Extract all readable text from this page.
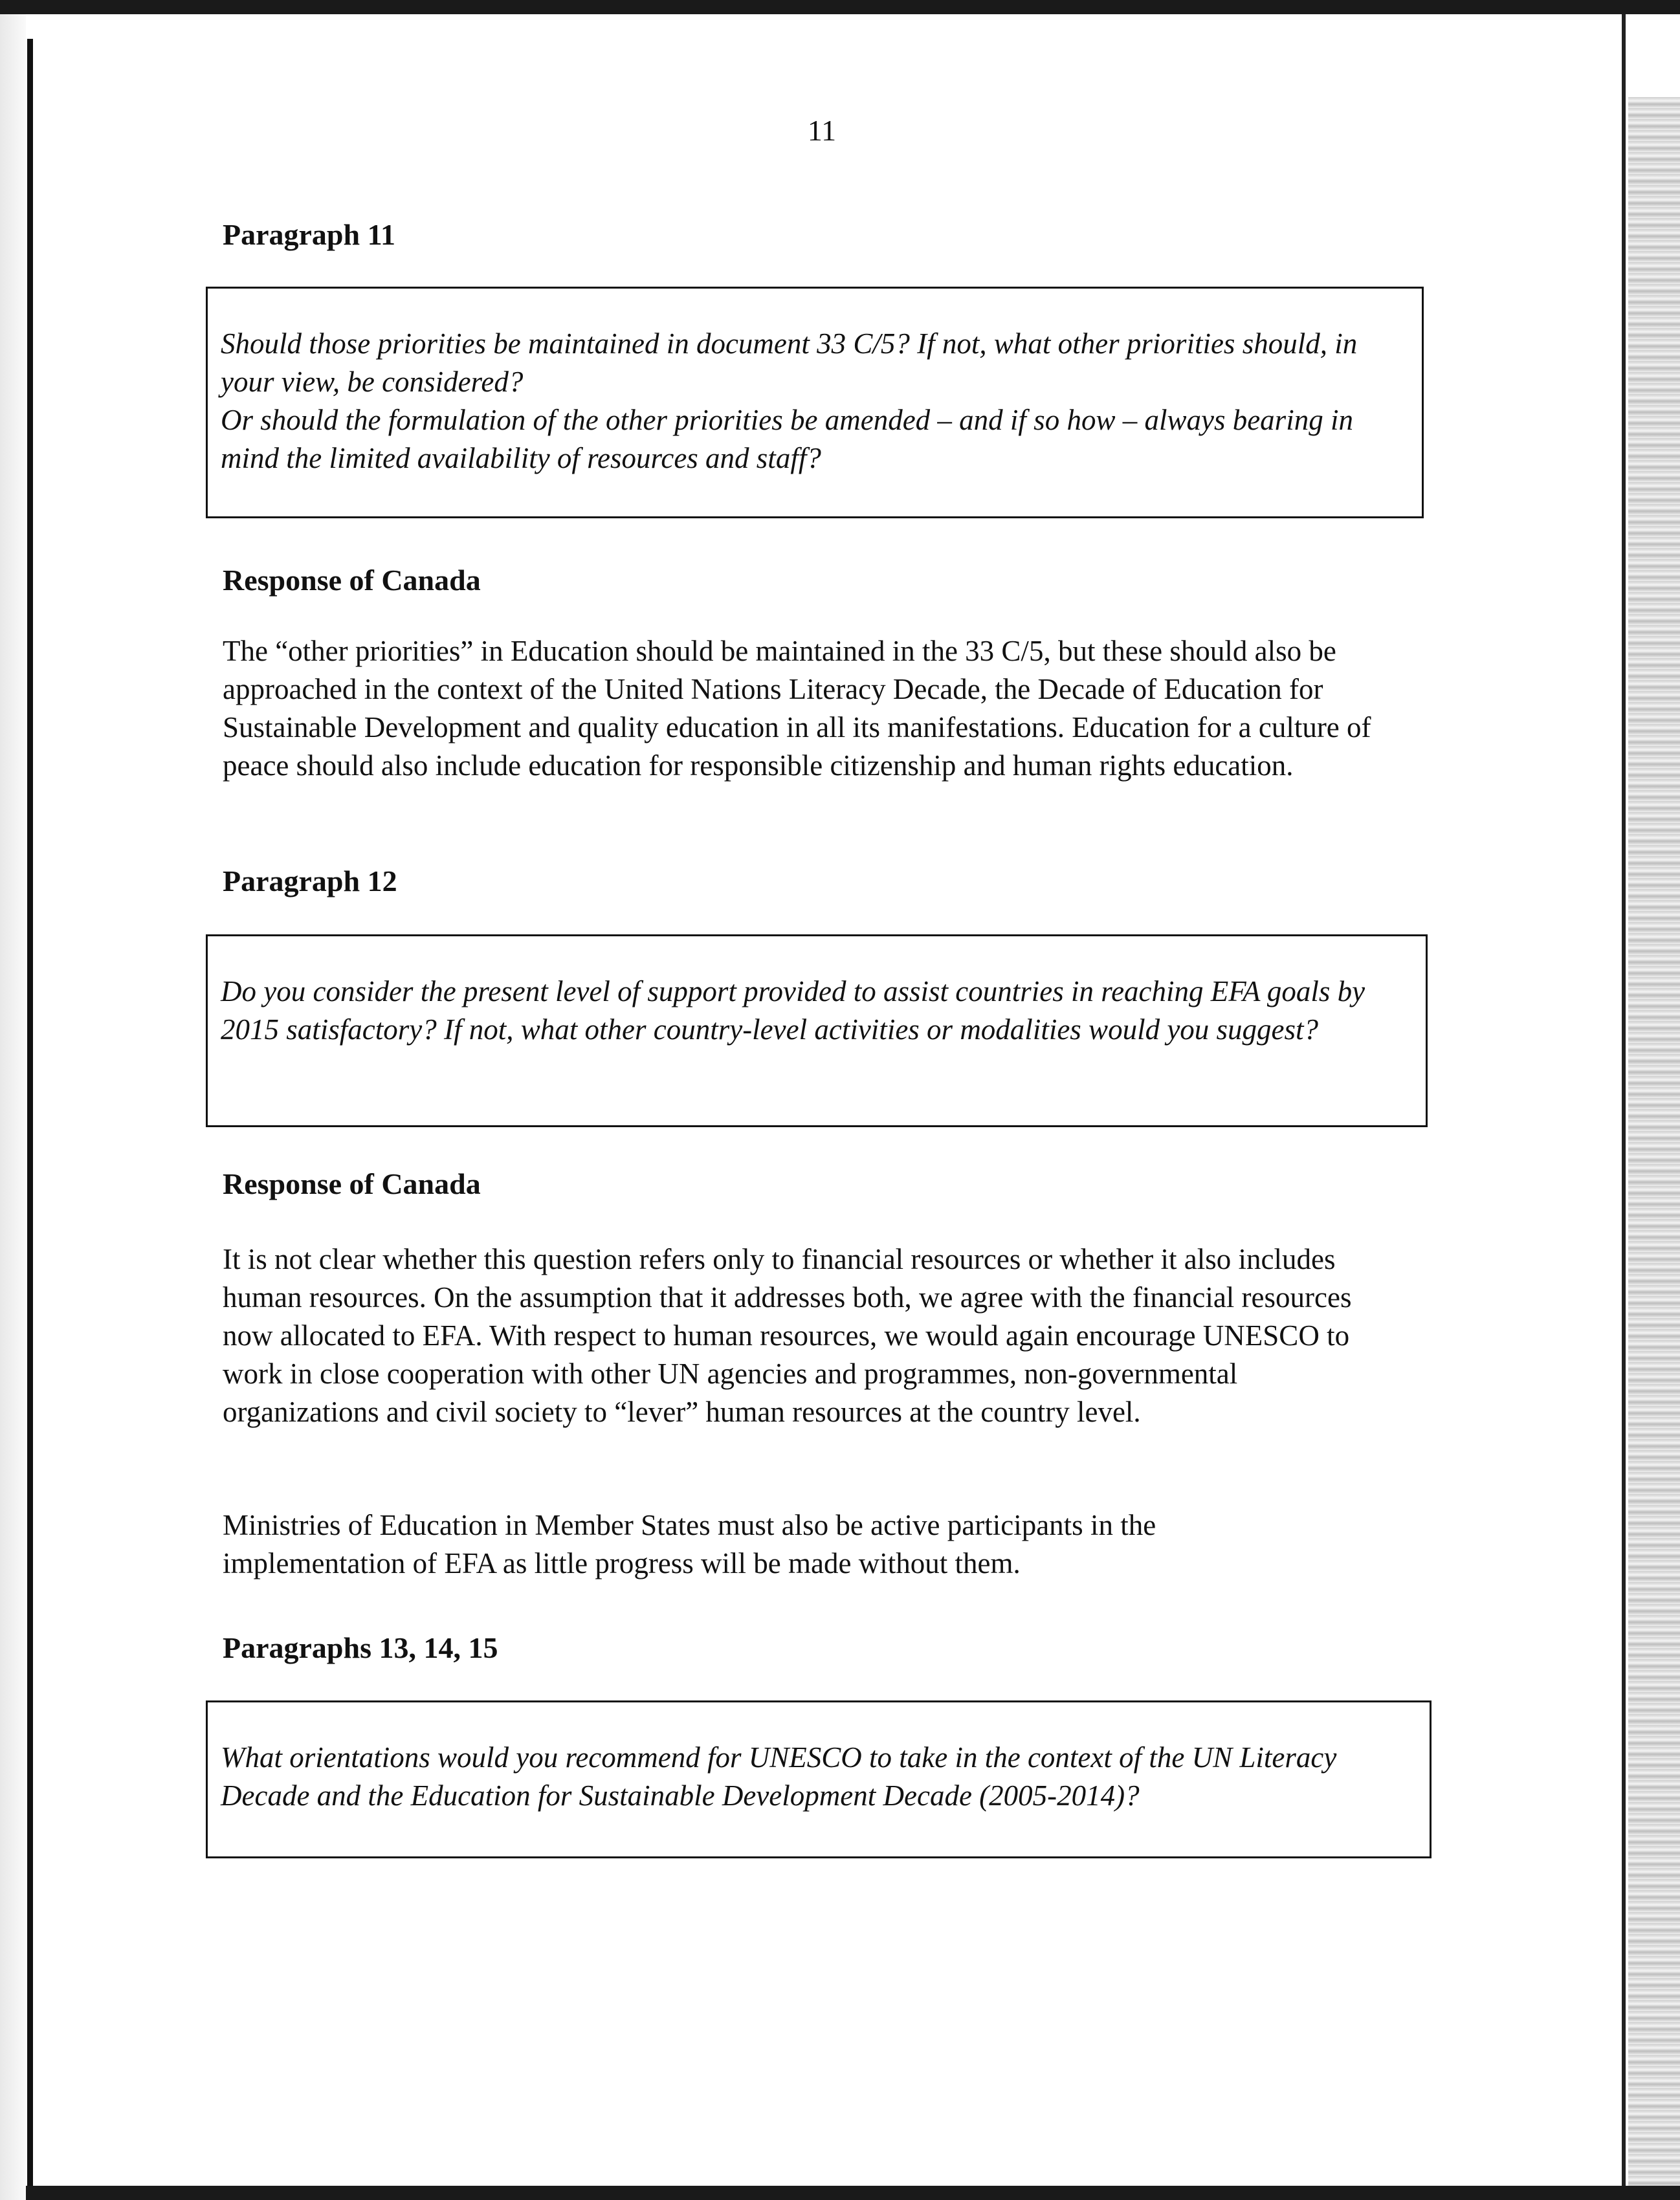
11
Paragraph 11

Should those priorities be maintained in document 33 C/5? If not, what other priorities should, in your view, be considered?

Or should the formulation of the other priorities be amended – and if so how – always bearing in mind the limited availability of resources and staff?

Response of Canada

The “other priorities” in Education should be maintained in the 33 C/5, but these should also be approached in the context of the United Nations Literacy Decade, the Decade of Education for Sustainable Development and quality education in all its manifestations. Education for a culture of peace should also include education for responsible citizenship and human rights education.

Paragraph 12

Do you consider the present level of support provided to assist countries in reaching EFA goals by 2015 satisfactory? If not, what other country-level activities or modalities would you suggest?

Response of Canada

It is not clear whether this question refers only to financial resources or whether it also includes human resources. On the assumption that it addresses both, we agree with the financial resources now allocated to EFA. With respect to human resources, we would again encourage UNESCO to work in close cooperation with other UN agencies and programmes, non-governmental organizations and civil society to “lever” human resources at the country level.

Ministries of Education in Member States must also be active participants in the implementation of EFA as little progress will be made without them.

Paragraphs 13, 14, 15

What orientations would you recommend for UNESCO to take in the context of the UN Literacy Decade and the Education for Sustainable Development Decade (2005-2014)?
